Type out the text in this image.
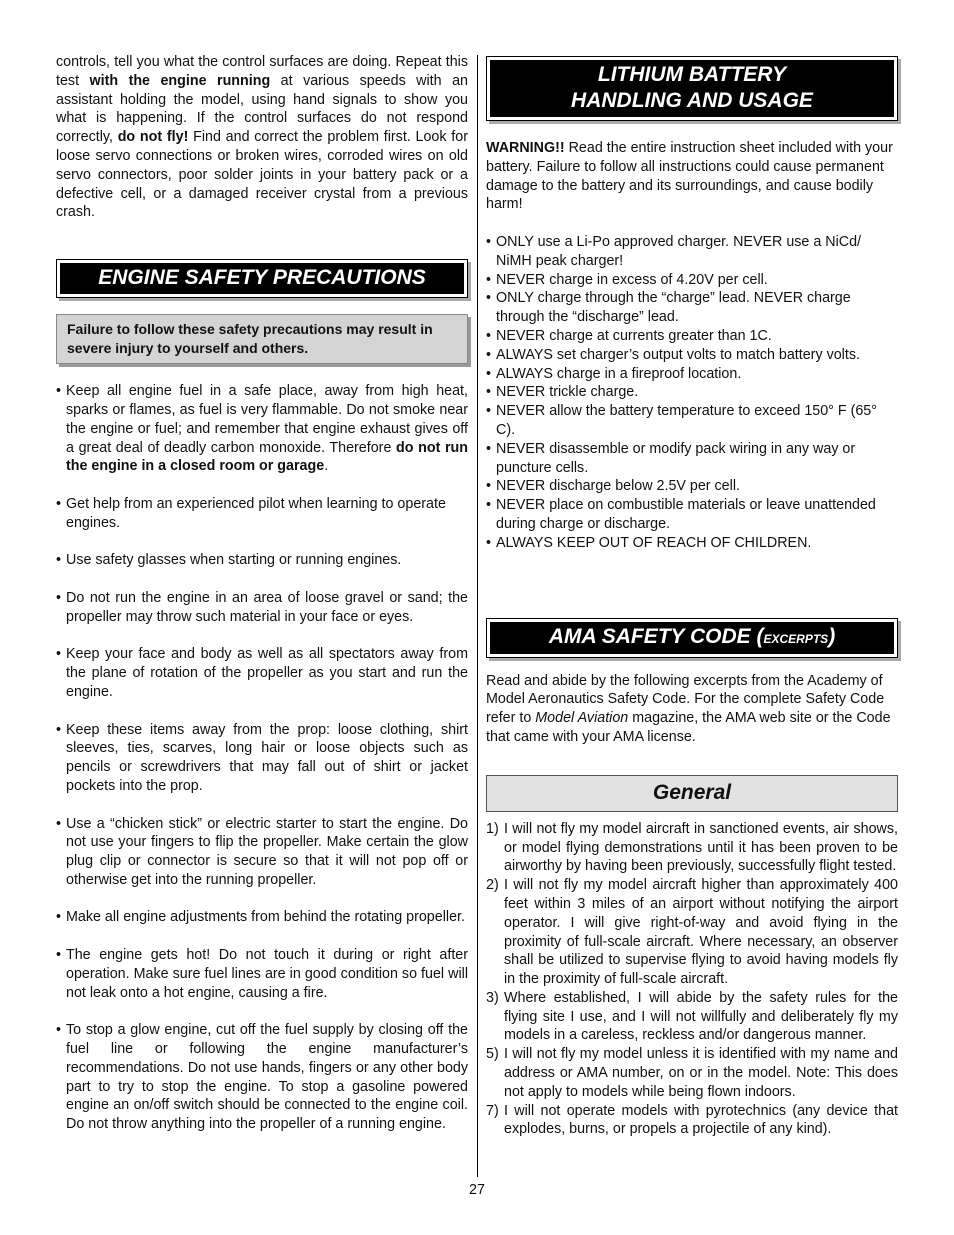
controls, tell you what the control surfaces are doing. Repeat this test with the engine running at various speeds with an assistant holding the model, using hand signals to show you what is happening. If the control surfaces do not respond correctly, do not fly! Find and correct the problem first. Look for loose servo connections or broken wires, corroded wires on old servo connectors, poor solder joints in your battery pack or a defective cell, or a damaged receiver crystal from a previous crash.

ENGINE SAFETY PRECAUTIONS
Failure to follow these safety precautions may result in severe injury to yourself and others.
• Keep all engine fuel in a safe place, away from high heat, sparks or flames, as fuel is very flammable. Do not smoke near the engine or fuel; and remember that engine exhaust gives off a great deal of deadly carbon monoxide. Therefore do not run the engine in a closed room or garage.
• Get help from an experienced pilot when learning to operate engines.
• Use safety glasses when starting or running engines.
• Do not run the engine in an area of loose gravel or sand; the propeller may throw such material in your face or eyes.
• Keep your face and body as well as all spectators away from the plane of rotation of the propeller as you start and run the engine.
• Keep these items away from the prop: loose clothing, shirt sleeves, ties, scarves, long hair or loose objects such as pencils or screwdrivers that may fall out of shirt or jacket pockets into the prop.
• Use a “chicken stick” or electric starter to start the engine. Do not use your fingers to flip the propeller. Make certain the glow plug clip or connector is secure so that it will not pop off or otherwise get into the running propeller.
• Make all engine adjustments from behind the rotating propeller.
• The engine gets hot! Do not touch it during or right after operation. Make sure fuel lines are in good condition so fuel will not leak onto a hot engine, causing a fire.
• To stop a glow engine, cut off the fuel supply by closing off the fuel line or following the engine manufacturer’s recommendations. Do not use hands, fingers or any other body part to try to stop the engine. To stop a gasoline powered engine an on/off switch should be connected to the engine coil. Do not throw anything into the propeller of a running engine.
LITHIUM BATTERY
HANDLING AND USAGE

WARNING!! Read the entire instruction sheet included with your battery. Failure to follow all instructions could cause permanent damage to the battery and its surroundings, and cause bodily harm!

• ONLY use a Li-Po approved charger. NEVER use a NiCd/ NiMH peak charger!
• NEVER charge in excess of 4.20V per cell.
• ONLY charge through the “charge” lead. NEVER charge through the “discharge” lead.
• NEVER charge at currents greater than 1C.
• ALWAYS set charger’s output volts to match battery volts.
• ALWAYS charge in a fireproof location.
• NEVER trickle charge.
• NEVER allow the battery temperature to exceed 150° F (65° C).
• NEVER disassemble or modify pack wiring in any way or puncture cells.
• NEVER discharge below 2.5V per cell.
• NEVER place on combustible materials or leave unattended during charge or discharge.
• ALWAYS KEEP OUT OF REACH OF CHILDREN.
AMA SAFETY CODE (excerpts)

Read and abide by the following excerpts from the Academy of Model Aeronautics Safety Code. For the complete Safety Code refer to Model Aviation magazine, the AMA web site or the Code that came with your AMA license.

General
1) I will not fly my model aircraft in sanctioned events, air shows, or model flying demonstrations until it has been proven to be airworthy by having been previously, successfully flight tested.
2) I will not fly my model aircraft higher than approximately 400 feet within 3 miles of an airport without notifying the airport operator. I will give right-of-way and avoid flying in the proximity of full-scale aircraft. Where necessary, an observer shall be utilized to supervise flying to avoid having models fly in the proximity of full-scale aircraft.
3) Where established, I will abide by the safety rules for the flying site I use, and I will not willfully and deliberately fly my models in a careless, reckless and/or dangerous manner.
5) I will not fly my model unless it is identified with my name and address or AMA number, on or in the model. Note: This does not apply to models while being flown indoors.
7) I will not operate models with pyrotechnics (any device that explodes, burns, or propels a projectile of any kind).
27
